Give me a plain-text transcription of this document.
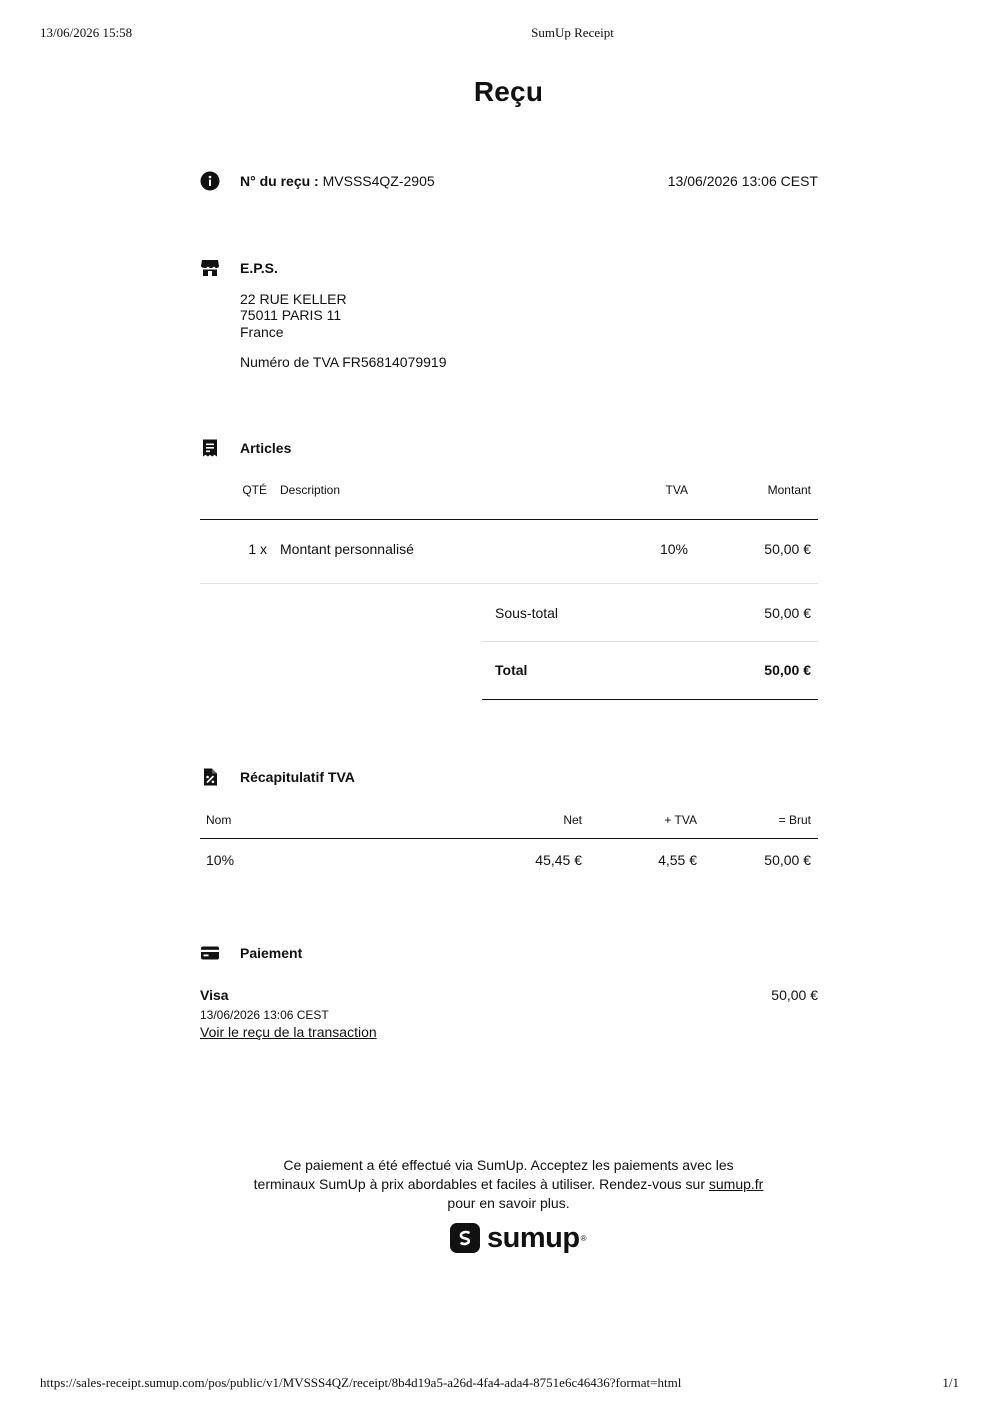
13/06/2026 15:58	SumUp Receipt
Reçu
N° du reçu : MVSSS4QZ-2905	13/06/2026 13:06 CEST
E.P.S.
22 RUE KELLER
75011 PARIS 11
France
Numéro de TVA FR56814079919
Articles
QTÉ Description	TVA	Montant
1 x Montant personnalisé	10%	50,00 €
Sous-total	50,00 €
Total	50,00 €
Récapitulatif TVA
Nom	Net	+ TVA	= Brut
10%	45,45 €	4,55 €	50,00 €
Paiement
Visa	50,00 €
13/06/2026 13:06 CEST
Voir le reçu de la transaction
Ce paiement a été effectué via SumUp. Acceptez les paiements avec les
terminaux SumUp à prix abordables et faciles à utiliser. Rendez-vous sur sumup.fr
pour en savoir plus.
sumup ®
https://sales-receipt.sumup.com/pos/public/v1/MVSSS4QZ/receipt/8b4d19a5-a26d-4fa4-ada4-8751e6c46436?format=html	1/1
